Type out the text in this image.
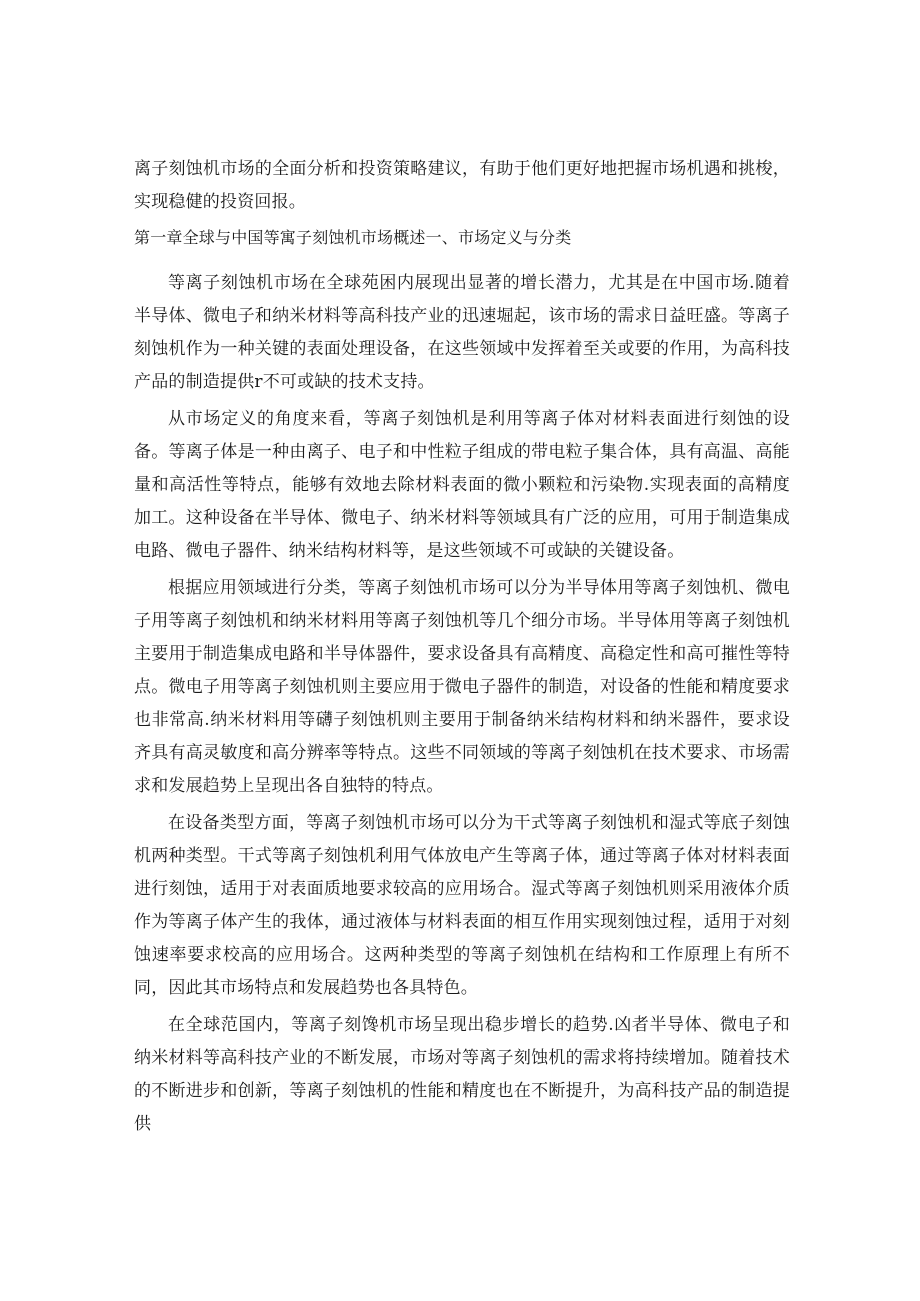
离子刻蚀机市场的全面分析和投资策略建议，有助于他们更好地把握市场机遇和挑梭，实现稳健的投资回报。

第一章全球与中国等寓子刻蚀机市场概述一、市场定义与分类

等离子刻蚀机市场在全球苑困内展现出显著的增长潜力，尤其是在中国市场.随着半导体、微电子和纳米材料等高科技产业的迅速堀起，该市场的需求日益旺盛。等离子刻蚀机作为一种关键的表面处理设备，在这些领域中发挥着至关或要的作用，为高科技产品的制造提供r不可或缺的技术支持。

从市场定义的角度来看，等离子刻蚀机是利用等离子体对材料表面进行刻蚀的设备。等离子体是一种由离子、电子和中性粒子组成的带电粒子集合体，具有高温、高能量和高活性等特点，能够有效地去除材料表面的微小颗粒和污染物.实现表面的高精度加工。这种设备在半导体、微电子、纳米材料等领域具有广泛的应用，可用于制造集成电路、微电子器件、纳米结构材料等，是这些领域不可或缺的关键设备。

根据应用领域进行分类，等离子刻蚀机市场可以分为半导体用等离子刻蚀机、微电子用等离子刻蚀机和纳米材料用等离子刻蚀机等几个细分市场。半导体用等离子刻蚀机主要用于制造集成电路和半导体器件，要求设备具有高精度、高稳定性和高可摧性等特点。微电子用等离子刻蚀机则主要应用于微电子器件的制造，对设备的性能和精度要求也非常高.纳米材料用等礴子刻蚀机则主要用于制备纳米结构材料和纳米器件，要求设齐具有高灵敏度和高分辨率等特点。这些不同领域的等离子刻蚀机在技术要求、市场需求和发展趋势上呈现出各自独特的特点。

在设备类型方面，等离子刻蚀机市场可以分为干式等离子刻蚀机和湿式等底子刻蚀机两种类型。干式等离子刻蚀机利用气体放电产生等离子体，通过等离子体对材料表面进行刻蚀，适用于对表面质地要求较高的应用场合。湿式等离子刻蚀机则采用液体介质作为等离子体产生的我体，通过液体与材料表面的相互作用实现刻蚀过程，适用于对刻蚀速率要求校高的应用场合。这两种类型的等离子刻蚀机在结构和工作原理上有所不同，因此其市场特点和发展趋势也各具特色。

在全球范国内，等离子刻馋机市场呈现出稳步增长的趋势.凶者半导体、微电子和纳米材料等高科技产业的不断发展，市场对等离子刻蚀机的需求将持续增加。随着技术的不断进步和创新，等离子刻蚀机的性能和精度也在不断提升，为高科技产品的制造提供
